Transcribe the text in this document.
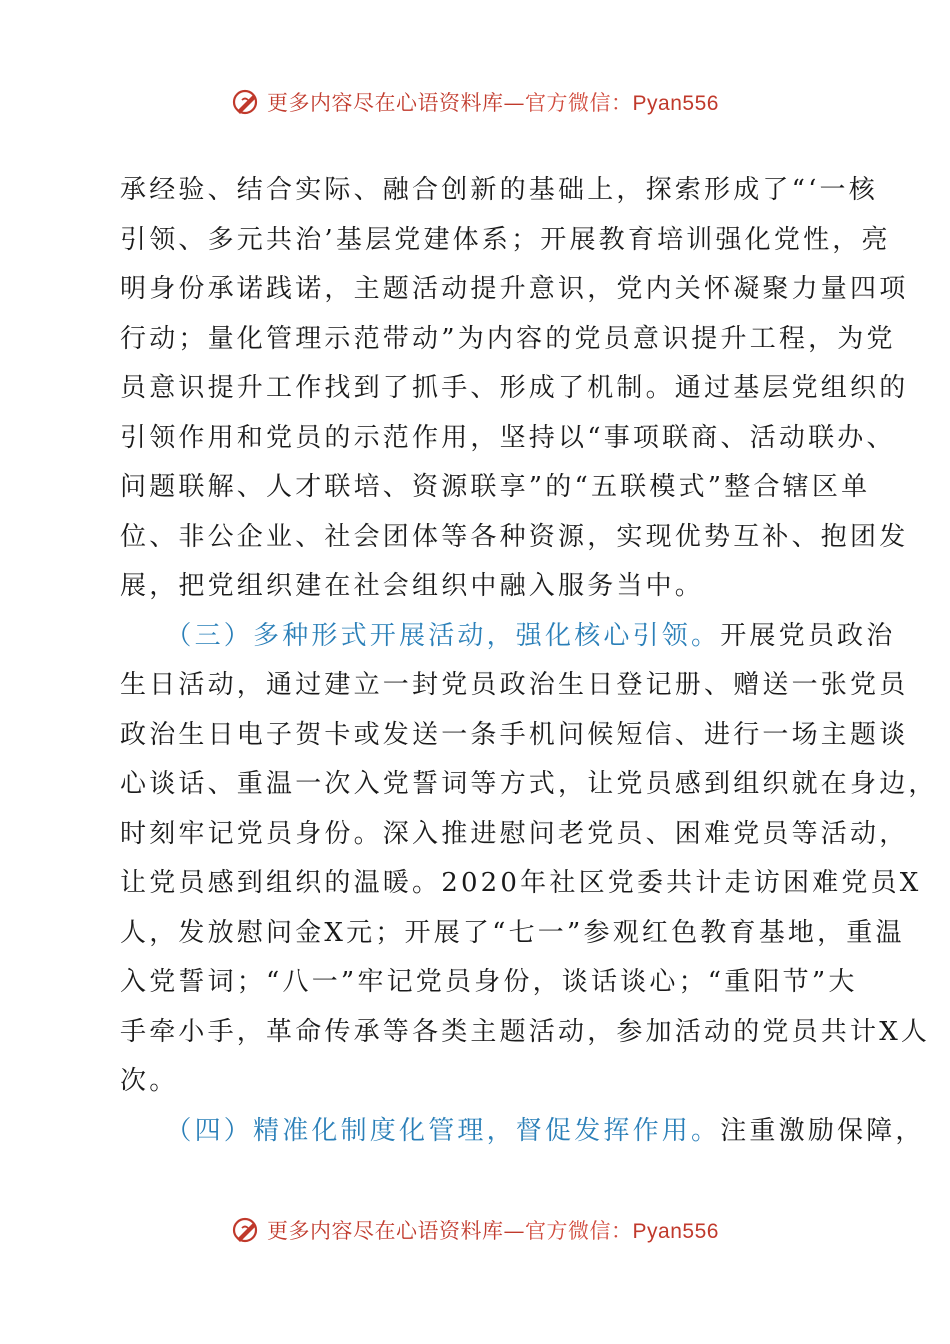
更多内容尽在心语资料库—官方微信：Pyan556
承经验、结合实际、融合创新的基础上，探索形成了“‘一核
引领、多元共治’基层党建体系；开展教育培训强化党性，亮
明身份承诺践诺，主题活动提升意识，党内关怀凝聚力量四项
行动；量化管理示范带动”为内容的党员意识提升工程，为党
员意识提升工作找到了抓手、形成了机制。通过基层党组织的
引领作用和党员的示范作用，坚持以“事项联商、活动联办、
问题联解、人才联培、资源联享”的“五联模式”整合辖区单
位、非公企业、社会团体等各种资源，实现优势互补、抱团发
展，把党组织建在社会组织中融入服务当中。
　　（三）多种形式开展活动，强化核心引领。开展党员政治
生日活动，通过建立一封党员政治生日登记册、赠送一张党员
政治生日电子贺卡或发送一条手机问候短信、进行一场主题谈
心谈话、重温一次入党誓词等方式，让党员感到组织就在身边，
时刻牢记党员身份。深入推进慰问老党员、困难党员等活动，
让党员感到组织的温暖。2020年社区党委共计走访困难党员X
人，发放慰问金X元；开展了“七一”参观红色教育基地，重温
入党誓词；“八一”牢记党员身份，谈话谈心；“重阳节”大
手牵小手，革命传承等各类主题活动，参加活动的党员共计X人
次。
　　（四）精准化制度化管理，督促发挥作用。注重激励保障，
更多内容尽在心语资料库—官方微信：Pyan556
